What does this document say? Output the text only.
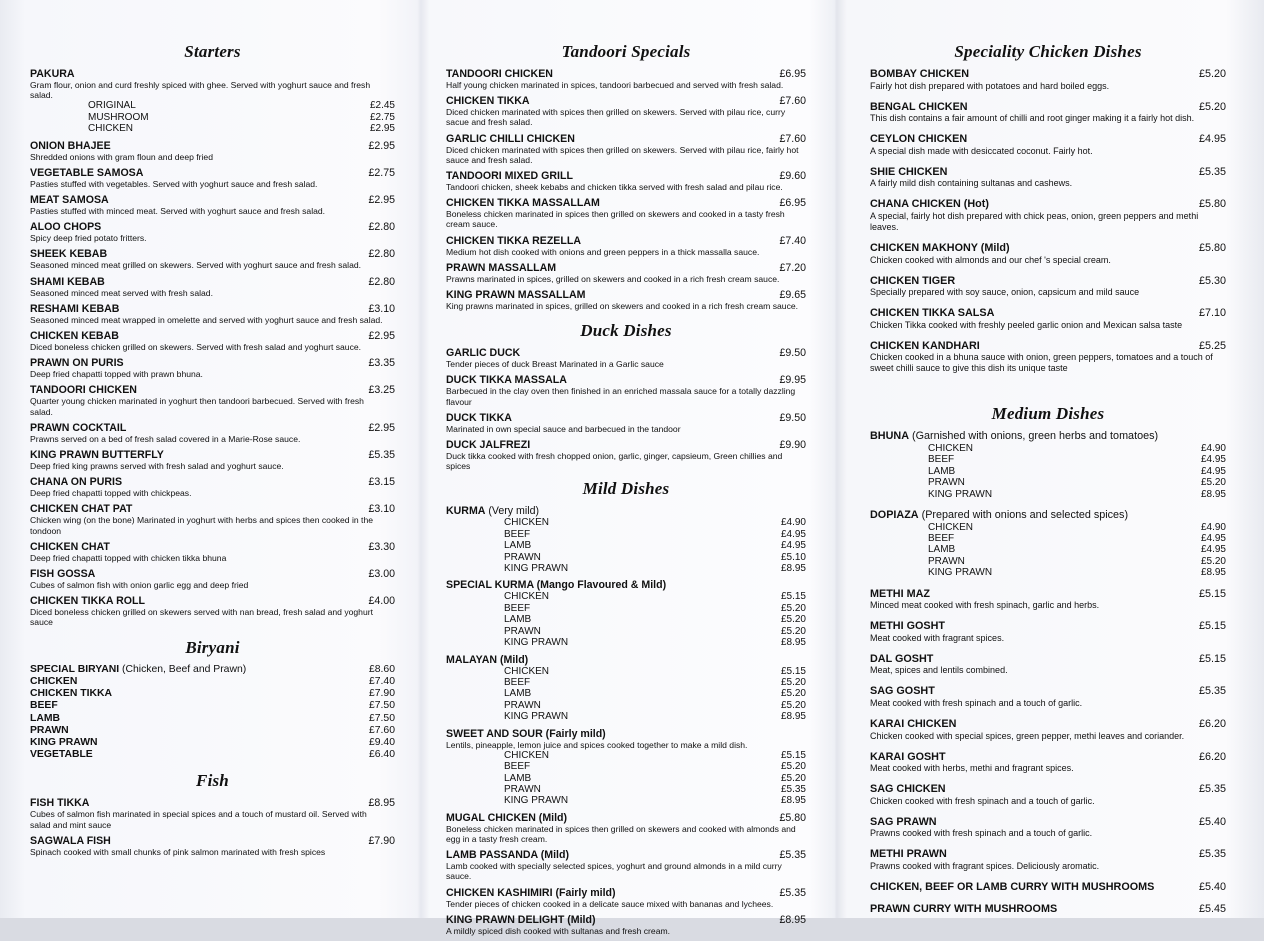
Starters
PAKURA
Gram flour, onion and curd freshly spiced with ghee. Served with yoghurt sauce and fresh salad.
ORIGINAL	£2.45
MUSHROOM	£2.75
CHICKEN	£2.95
ONION BHAJEE	£2.95
Shredded onions with gram floun and deep fried
VEGETABLE SAMOSA	£2.75
Pasties stuffed with vegetables. Served with yoghurt sauce and fresh salad.
MEAT SAMOSA	£2.95
Pasties stuffed with minced meat. Served with yoghurt sauce and fresh salad.
ALOO CHOPS	£2.80
Spicy deep fried potato fritters.
SHEEK KEBAB	£2.80
Seasoned minced meat grilled on skewers. Served with yoghurt sauce and fresh salad.
SHAMI KEBAB	£2.80
Seasoned minced meat served with fresh salad.
RESHAMI KEBAB	£3.10
Seasoned minced meat wrapped in omelette and served with yoghurt sauce and fresh salad.
CHICKEN KEBAB	£2.95
Diced boneless chicken grilled on skewers. Served with fresh salad and yoghurt sauce.
PRAWN ON PURIS	£3.35
Deep fried chapatti topped with prawn bhuna.
TANDOORI CHICKEN	£3.25
Quarter young chicken marinated in yoghurt then tandoori barbecued. Served with fresh salad.
PRAWN COCKTAIL	£2.95
Prawns served on a bed of fresh salad covered in a Marie-Rose sauce.
KING PRAWN BUTTERFLY	£5.35
Deep fried king prawns served with fresh salad and yoghurt sauce.
CHANA ON PURIS	£3.15
Deep fried chapatti topped with chickpeas.
CHICKEN CHAT PAT	£3.10
Chicken wing (on the bone) Marinated in yoghurt with herbs and spices then cooked in the tondoon
CHICKEN CHAT	£3.30
Deep fried chapatti topped with chicken tikka bhuna
FISH GOSSA	£3.00
Cubes of salmon fish with onion garlic egg and deep fried
CHICKEN TIKKA ROLL	£4.00
Diced boneless chicken grilled on skewers served with nan bread, fresh salad and yoghurt sauce
Biryani
SPECIAL BIRYANI (Chicken, Beef and Prawn)	£8.60
CHICKEN	£7.40
CHICKEN TIKKA	£7.90
BEEF	£7.50
LAMB	£7.50
PRAWN	£7.60
KING PRAWN	£9.40
VEGETABLE	£6.40
Fish
FISH TIKKA	£8.95
Cubes of salmon fish marinated in special spices and a touch of mustard oil. Served with salad and mint sauce
SAGWALA FISH	£7.90
Spinach cooked with small chunks of pink salmon marinated with fresh spices
Tandoori Specials
TANDOORI CHICKEN	£6.95
Half young chicken marinated in spices, tandoori barbecued and served with fresh salad.
CHICKEN TIKKA	£7.60
Diced chicken marinated with spices then grilled on skewers. Served with pilau rice, curry sacue and fresh salad.
GARLIC CHILLI CHICKEN	£7.60
Diced chicken marinated with spices then grilled on skewers. Served with pilau rice, fairly hot sauce and fresh salad.
TANDOORI MIXED GRILL	£9.60
Tandoori chicken, sheek kebabs and chicken tikka served with fresh salad and pilau rice.
CHICKEN TIKKA MASSALLAM	£6.95
Boneless chicken marinated in spices then grilled on skewers and cooked in a tasty fresh cream sauce.
CHICKEN TIKKA REZELLA	£7.40
Medium hot dish cooked with onions and green peppers in a thick massalla sauce.
PRAWN MASSALLAM	£7.20
Prawns marinated in spices, grilled on skewers and cooked in a rich fresh cream sauce.
KING PRAWN MASSALLAM	£9.65
King prawns marinated in spices, grilled on skewers and cooked in a rich fresh cream sauce.
Duck Dishes
GARLIC DUCK	£9.50
Tender pieces of duck Breast Marinated in a Garlic sauce
DUCK TIKKA MASSALA	£9.95
Barbecued in the clay oven then finished in an enriched massala sauce for a totally dazzling flavour
DUCK TIKKA	£9.50
Marinated in own special sauce and barbecued in the tandoor
DUCK JALFREZI	£9.90
Duck tikka cooked with fresh chopped onion, garlic, ginger, capsieum, Green chillies and spices
Mild Dishes
KURMA (Very mild)
CHICKEN	£4.90
BEEF	£4.95
LAMB	£4.95
PRAWN	£5.10
KING PRAWN	£8.95
SPECIAL KURMA (Mango Flavoured & Mild)
CHICKEN	£5.15
BEEF	£5.20
LAMB	£5.20
PRAWN	£5.20
KING PRAWN	£8.95
MALAYAN (Mild)
CHICKEN	£5.15
BEEF	£5.20
LAMB	£5.20
PRAWN	£5.20
KING PRAWN	£8.95
SWEET AND SOUR (Fairly mild)
Lentils, pineapple, lemon juice and spices cooked together to make a mild dish.
CHICKEN	£5.15
BEEF	£5.20
LAMB	£5.20
PRAWN	£5.35
KING PRAWN	£8.95
MUGAL CHICKEN (Mild)	£5.80
Boneless chicken marinated in spices then grilled on skewers and cooked with almonds and egg in a tasty fresh cream.
LAMB PASSANDA (Mild)	£5.35
Lamb cooked with specially selected spices, yoghurt and ground almonds in a mild curry sauce.
CHICKEN KASHIMIRI (Fairly mild)	£5.35
Tender pieces of chicken cooked in a delicate sauce mixed with bananas and lychees.
KING PRAWN DELIGHT (Mild)	£8.95
A mildly spiced dish cooked with sultanas and fresh cream.
Speciality Chicken Dishes
BOMBAY CHICKEN	£5.20
Fairly hot dish prepared with potatoes and hard boiled eggs.
BENGAL CHICKEN	£5.20
This dish contains a fair amount of chilli and root ginger making it a fairly hot dish.
CEYLON CHICKEN	£4.95
A special dish made with desiccated coconut. Fairly hot.
SHIE CHICKEN	£5.35
A fairly mild dish containing sultanas and cashews.
CHANA CHICKEN (Hot)	£5.80
A special, fairly hot dish prepared with chick peas, onion, green peppers and methi leaves.
CHICKEN MAKHONY (Mild)	£5.80
Chicken cooked with almonds and our chef 's special cream.
CHICKEN TIGER	£5.30
Specially prepared with soy sauce, onion, capsicum and mild sauce
CHICKEN TIKKA SALSA	£7.10
Chicken Tikka cooked with freshly peeled garlic onion and Mexican salsa taste
CHICKEN KANDHARI	£5.25
Chicken cooked in a bhuna sauce with onion, green peppers, tomatoes and a touch of sweet chilli sauce to give this dish its unique taste
Medium Dishes
BHUNA (Garnished with onions, green herbs and tomatoes)
CHICKEN	£4.90
BEEF	£4.95
LAMB	£4.95
PRAWN	£5.20
KING PRAWN	£8.95
DOPIAZA (Prepared with onions and selected spices)
CHICKEN	£4.90
BEEF	£4.95
LAMB	£4.95
PRAWN	£5.20
KING PRAWN	£8.95
METHI MAZ	£5.15
Minced meat cooked with fresh spinach, garlic and herbs.
METHI GOSHT	£5.15
Meat cooked with fragrant spices.
DAL GOSHT	£5.15
Meat, spices and lentils combined.
SAG GOSHT	£5.35
Meat cooked with fresh spinach and a touch of garlic.
KARAI CHICKEN	£6.20
Chicken cooked with special spices, green pepper, methi leaves and coriander.
KARAI GOSHT	£6.20
Meat cooked with herbs, methi and fragrant spices.
SAG CHICKEN	£5.35
Chicken cooked with fresh spinach and a touch of garlic.
SAG PRAWN	£5.40
Prawns cooked with fresh spinach and a touch of garlic.
METHI PRAWN	£5.35
Prawns cooked with fragrant spices. Deliciously aromatic.
CHICKEN, BEEF OR LAMB CURRY WITH MUSHROOMS	£5.40
PRAWN CURRY WITH MUSHROOMS	£5.45
